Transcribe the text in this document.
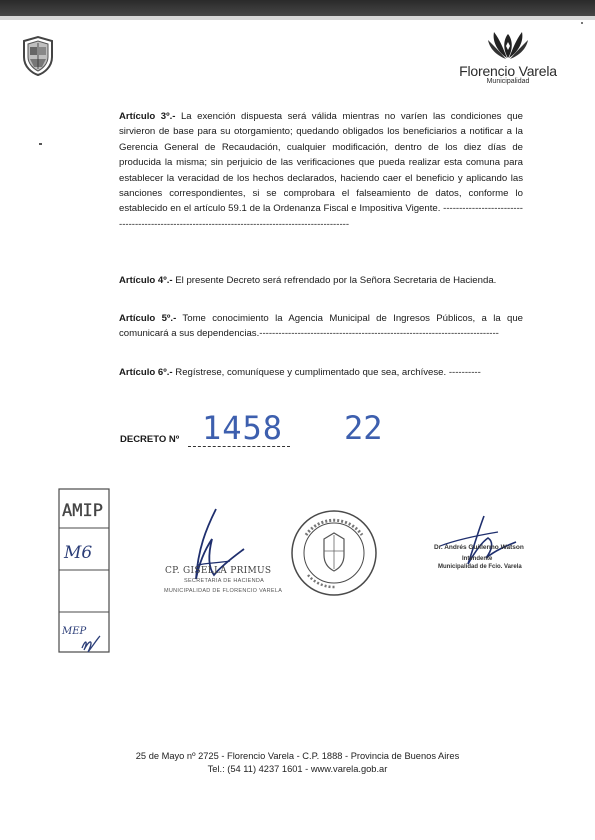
Florencio Varela
Municipalidad
Artículo 3º.- La exención dispuesta será válida mientras no varíen las condiciones que sirvieron de base para su otorgamiento; quedando obligados los beneficiarios a notificar a la Gerencia General de Recaudación, cualquier modificación, dentro de los diez días de producida la misma; sin perjuicio de las verificaciones que pueda realizar esta comuna para establecer la veracidad de los hechos declarados, haciendo caer el beneficio y aplicando las sanciones correspondientes, si se comprobara el falseamiento de datos, conforme lo establecido en el artículo 59.1 de la Ordenanza Fiscal e Impositiva Vigente. -------------------------------------------------------------------------------------------------
Artículo 4º.- El presente Decreto será refrendado por la Señora Secretaria de Hacienda.
Artículo 5º.- Tome conocimiento la Agencia Municipal de Ingresos Públicos, a la que comunicará a sus dependencias.---------------------------------------------------------------------------
Artículo 6º.- Regístrese, comuníquese y cumplimentado que sea, archívese. ----------
DECRETO Nº 1458 22
AMIP
M6
MEP
CP. GISELLA PRIMUS
SECRETARIA DE HACIENDA
MUNICIPALIDAD DE FLORENCIO VARELA
Dr. Andrés Guillermo Watson
Intendente
Municipalidad de Fcio. Varela
25 de Mayo nº 2725 - Florencio Varela - C.P. 1888 - Provincia de Buenos Aires
Tel.: (54 11) 4237 1601 - www.varela.gob.ar
